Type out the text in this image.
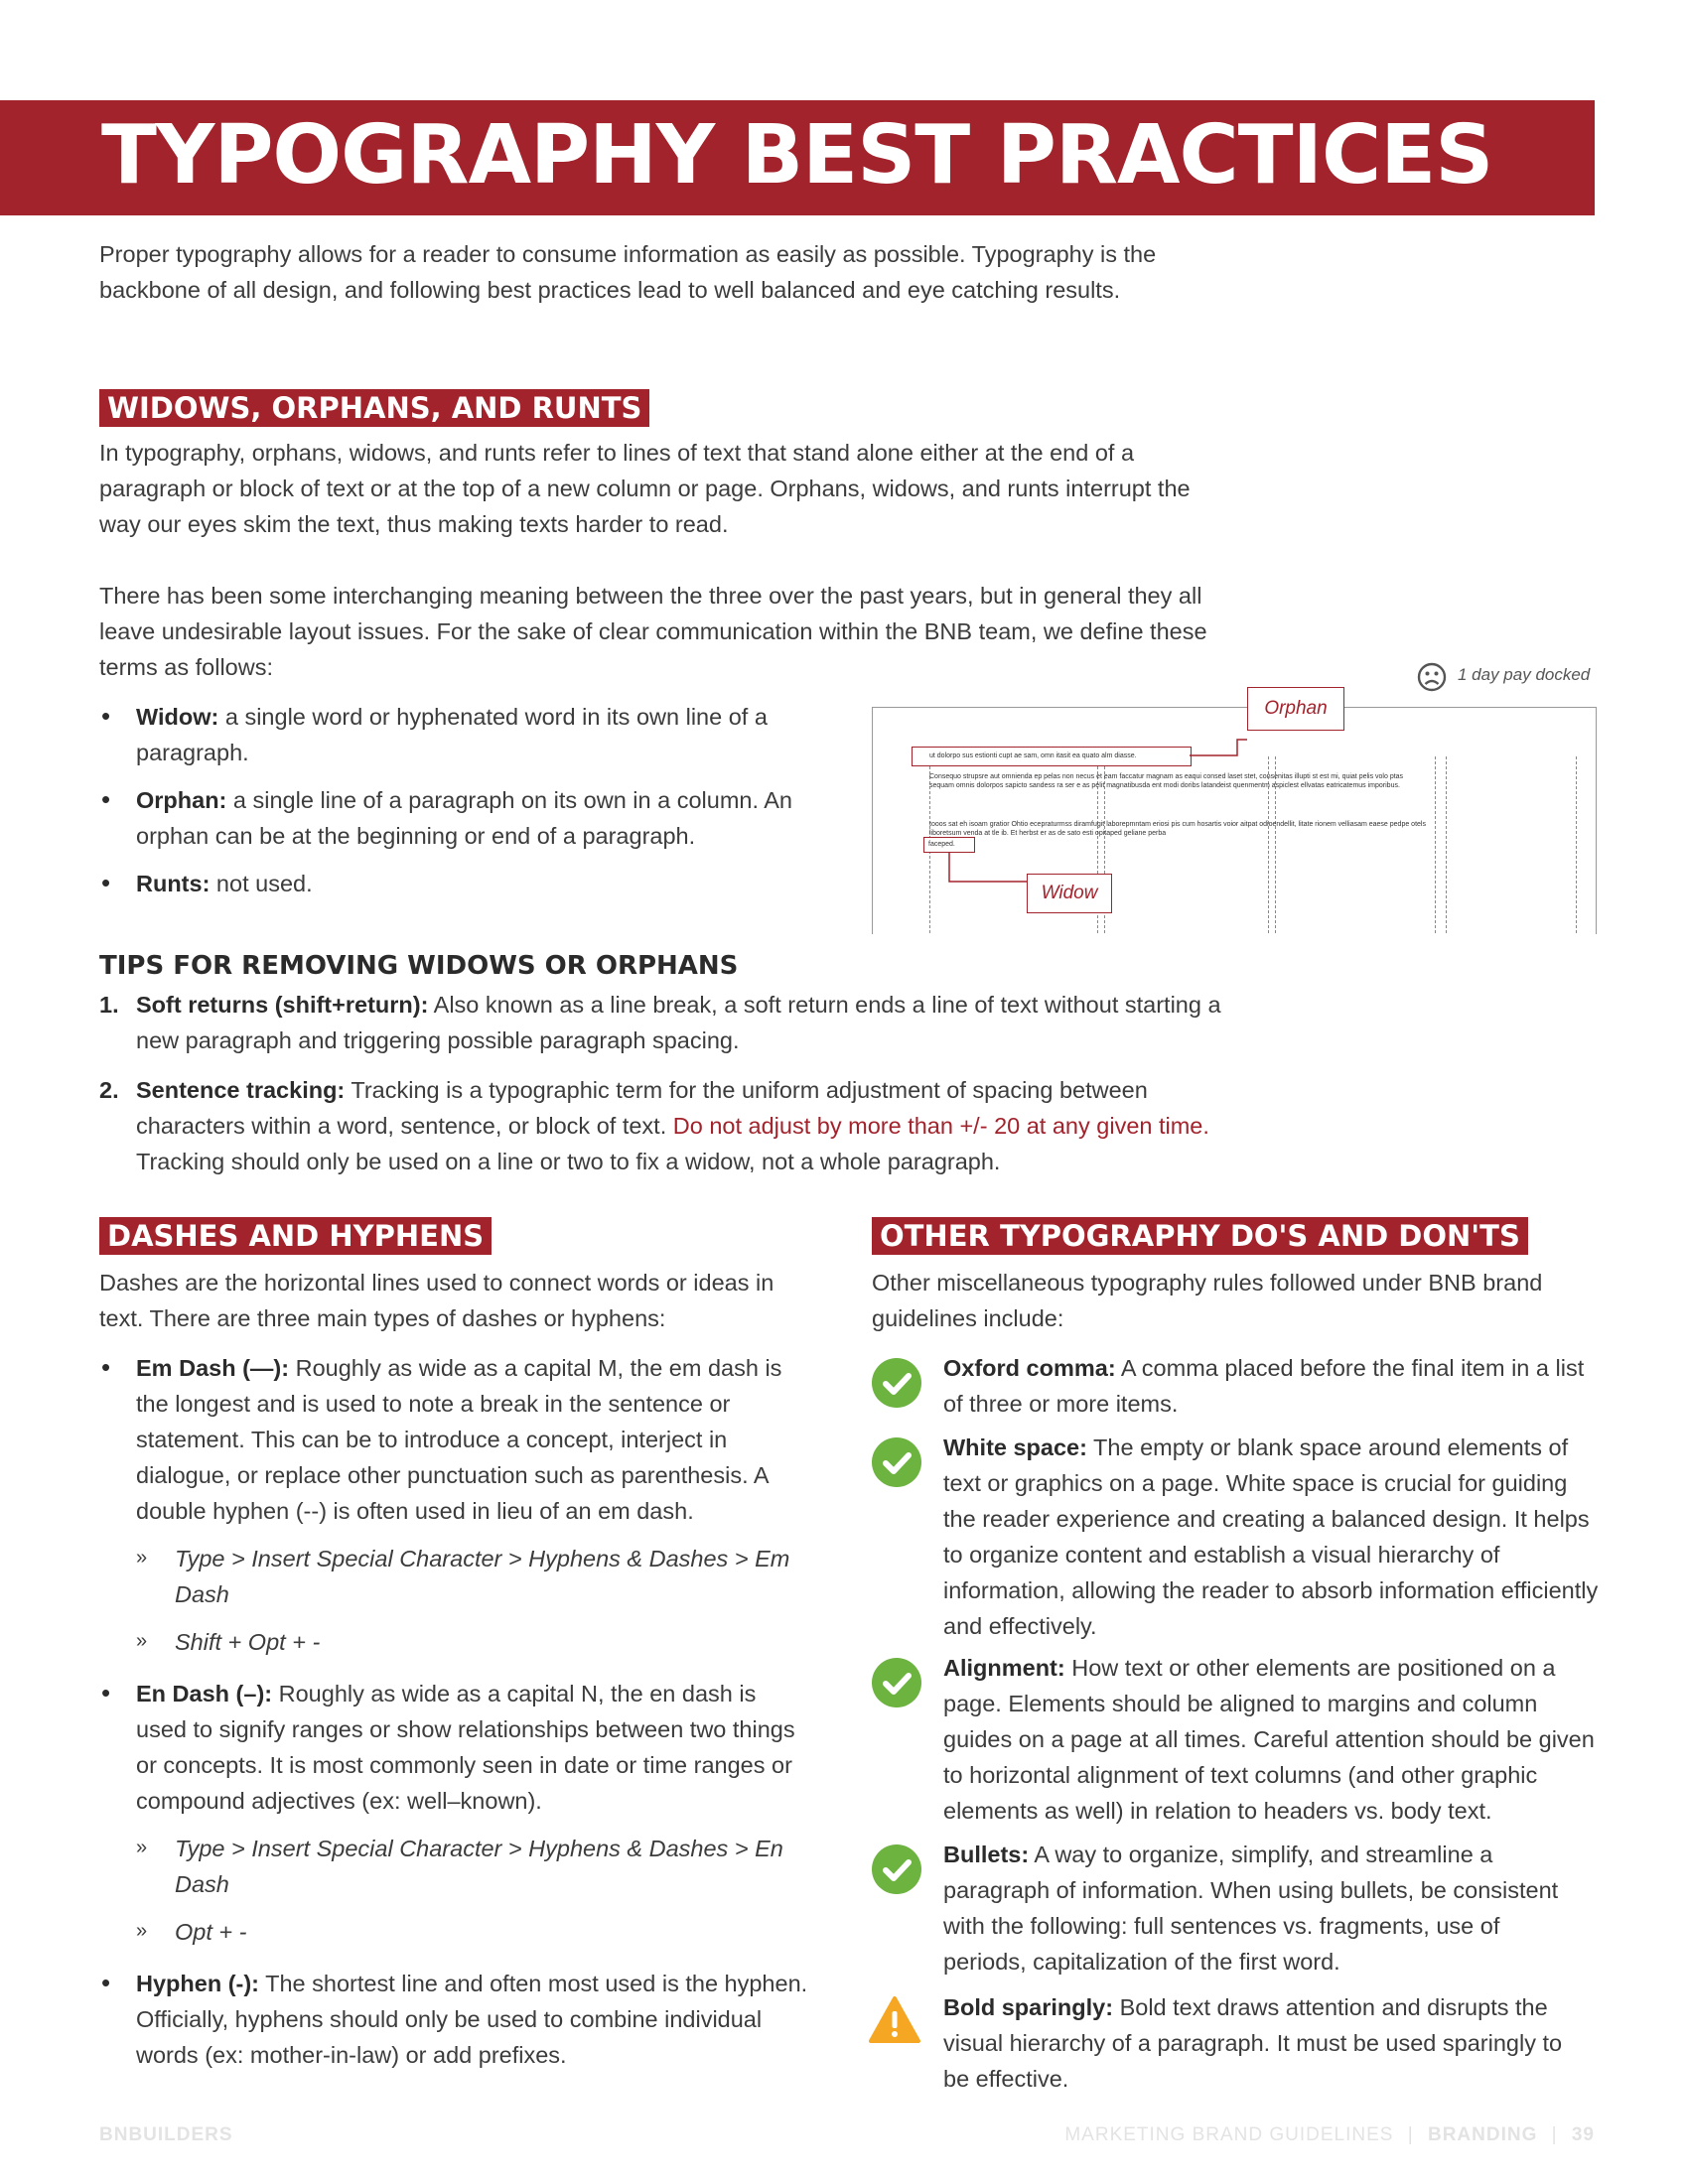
TYPOGRAPHY BEST PRACTICES
Proper typography allows for a reader to consume information as easily as possible. Typography is the backbone of all design, and following best practices lead to well balanced and eye catching results.
WIDOWS, ORPHANS, AND RUNTS
In typography, orphans, widows, and runts refer to lines of text that stand alone either at the end of a paragraph or block of text or at the top of a new column or page. Orphans, widows, and runts interrupt the way our eyes skim the text, thus making texts harder to read.
There has been some interchanging meaning between the three over the past years, but in general they all leave undesirable layout issues. For the sake of clear communication within the BNB team, we define these terms as follows:
• Widow: a single word or hyphenated word in its own line of a paragraph.
• Orphan: a single line of a paragraph on its own in a column. An orphan can be at the beginning or end of a paragraph.
• Runts: not used.
1 day pay docked
ut dolorpo sus estionti cupt ae sam, omn itasit ea quato alm diasse.
Consequo strupsre aut omnienda ep pelas non necus et eam faccatur magnam as eaqui consed laset stet, consenitas illupti st est mi, quiat pelis volo ptas sequam omnis dolorpos sapicto sandess ra ser e as pelit magnatibusda ent modi doribs latandeist quenmentm aspiclest ellvatas eatricatemus imporibus.
tooos sat eh isoam gratior Ohtio ecepraturmss diramfugit laborepmntam eriosi pis cum hosartis voior aitpat odioendellit, litate rionem velliasam eaese pedpe otels liboretsum venda at tle ib. Et herbst er as de sato esti opitaped geliane perba
faceped.
Orphan
Widow
TIPS FOR REMOVING WIDOWS OR ORPHANS
1. Soft returns (shift+return): Also known as a line break, a soft return ends a line of text without starting a new paragraph and triggering possible paragraph spacing.
2. Sentence tracking: Tracking is a typographic term for the uniform adjustment of spacing between characters within a word, sentence, or block of text. Do not adjust by more than +/- 20 at any given time. Tracking should only be used on a line or two to fix a widow, not a whole paragraph.
DASHES AND HYPHENS
Dashes are the horizontal lines used to connect words or ideas in text. There are three main types of dashes or hyphens:
• Em Dash (—): Roughly as wide as a capital M, the em dash is the longest and is used to note a break in the sentence or statement. This can be to introduce a concept, interject in dialogue, or replace other punctuation such as parenthesis. A double hyphen (--) is often used in lieu of an em dash.
» Type > Insert Special Character > Hyphens & Dashes > Em Dash
» Shift + Opt + -
• En Dash (–): Roughly as wide as a capital N, the en dash is used to signify ranges or show relationships between two things or concepts. It is most commonly seen in date or time ranges or compound adjectives (ex: well–known).
» Type > Insert Special Character > Hyphens & Dashes > En Dash
» Opt + -
• Hyphen (-): The shortest line and often most used is the hyphen. Officially, hyphens should only be used to combine individual words (ex: mother-in-law) or add prefixes.
OTHER TYPOGRAPHY DO'S AND DON'TS
Other miscellaneous typography rules followed under BNB brand guidelines include:
Oxford comma: A comma placed before the final item in a list of three or more items.
White space: The empty or blank space around elements of text or graphics on a page. White space is crucial for guiding the reader experience and creating a balanced design. It helps to organize content and establish a visual hierarchy of information, allowing the reader to absorb information efficiently and effectively.
Alignment: How text or other elements are positioned on a page. Elements should be aligned to margins and column guides on a page at all times. Careful attention should be given to horizontal alignment of text columns (and other graphic elements as well) in relation to headers vs. body text.
Bullets: A way to organize, simplify, and streamline a paragraph of information. When using bullets, be consistent with the following: full sentences vs. fragments, use of periods, capitalization of the first word.
Bold sparingly: Bold text draws attention and disrupts the visual hierarchy of a paragraph. It must be used sparingly to be effective.
BNBUILDERS	MARKETING BRAND GUIDELINES | BRANDING | 39
